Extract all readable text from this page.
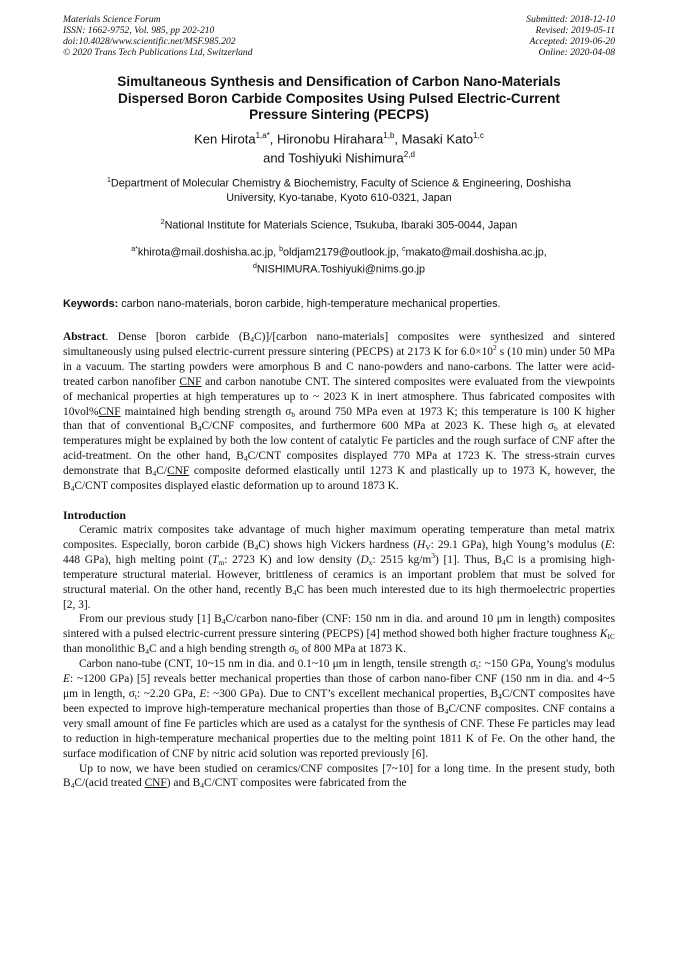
Materials Science Forum
ISSN: 1662-9752, Vol. 985, pp 202-210
doi:10.4028/www.scientific.net/MSF.985.202
© 2020 Trans Tech Publications Ltd, Switzerland
Submitted: 2018-12-10
Revised: 2019-05-11
Accepted: 2019-06-20
Online: 2020-04-08
Simultaneous Synthesis and Densification of Carbon Nano-Materials
Dispersed Boron Carbide Composites Using Pulsed Electric-Current
Pressure Sintering (PECPS)
Ken Hirota$^{1,a*}$, Hironobu Hirahara$^{1,b}$, Masaki Kato$^{1,c}$
and Toshiyuki Nishimura$^{2,d}$
$^1$Department of Molecular Chemistry & Biochemistry, Faculty of Science & Engineering, Doshisha
University, Kyo-tanabe, Kyoto 610-0321, Japan
$^2$National Institute for Materials Science, Tsukuba, Ibaraki 305-0044, Japan
$^{a*}$khirota@mail.doshisha.ac.jp, $^b$oldjam2179@outlook.jp, $^c$makato@mail.doshisha.ac.jp,
$^d$NISHIMURA.Toshiyuki@nims.go.jp
Keywords: carbon nano-materials, boron carbide, high-temperature mechanical properties.

Abstract. Dense [boron carbide $(B_4C)]/[carbon$ nano-materials] composites were synthesized and sintered simultaneously using pulsed electric-current pressure sintering (PECPS) at 2173 K for $6.0\times 10^2$ s (10 min) under 50 MPa in a vacuum. The starting powders were amorphous B and C nano-powders and nano-carbons. The latter were acid-treated carbon nanofiber CNF and carbon nanotube CNT. The sintered composites were evaluated from the viewpoints of mechanical properties at high temperatures up to ~ 2023 K in inert atmosphere. Thus fabricated composites with 10vol%CNF maintained high bending strength $\sigma_b$ around 750 MPa even at 1973 K; this temperature is 100 K higher than that of conventional $B_4C$/CNF composites, and furthermore 600 MPa at 2023 K. These high $\sigma_b$ at elevated temperatures might be explained by both the low content of catalytic Fe particles and the rough surface of CNF after the acid-treatment. On the other hand, $B_4C$/CNT composites displayed 770 MPa at 1723 K. The stress-strain curves demonstrate that $B_4C$/CNF composite deformed elastically until 1273 K and plastically up to 1973 K, however, the $B_4C$/CNT composites displayed elastic deformation up to around 1873 K.

Introduction

Ceramic matrix composites take advantage of much higher maximum operating temperature than metal matrix composites. Especially, boron carbide $(B_4C)$ shows high Vickers hardness ($H_V$: 29.1 GPa), high Young’s modulus (E: 448 GPa), high melting point ($T_m$: 2723 K) and low density ($D_x$: 2515 $kg/m^3$) [1]. Thus, $B_4C$ is a promising high-temperature structural material. However, brittleness of ceramics is an important problem that must be solved for structural material. On the other hand, recently $B_4C$ has been much interested due to its high thermoelectric properties [2, 3].

From our previous study [1] $B_4C$/carbon nano-fiber (CNF: 150 nm in dia. and around 10 μm in length) composites sintered with a pulsed electric-current pressure sintering (PECPS) [4] method showed both higher fracture toughness $K_{IC}$ than monolithic $B_4C$ and a high bending strength $\sigma_b$ of 800 MPa at 1873 K.

Carbon nano-tube (CNT, 10~15 nm in dia. and 0.1~10 μm in length, tensile strength $\sigma_t$: ~150 GPa, Young's modulus E: ~1200 GPa) [5] reveals better mechanical properties than those of carbon nano-fiber CNF (150 nm in dia. and 4~5 μm in length, $\sigma_t$: ~2.20 GPa, E: ~300 GPa). Due to CNT’s excellent mechanical properties, $B_4C$/CNT composites have been expected to improve high-temperature mechanical properties than those of $B_4C$/CNF composites. CNF contains a very small amount of fine Fe particles which are used as a catalyst for the synthesis of CNF. These Fe particles may lead to reduction in high-temperature mechanical properties due to the melting point 1811 K of Fe. On the other hand, the surface modification of CNF by nitric acid solution was reported previously [6].

Up to now, we have been studied on ceramics/CNF composites [7~10] for a long time. In the present study, both $B_4C/(acid$ treated CNF) and $B_4C$/CNT composites were fabricated from the
